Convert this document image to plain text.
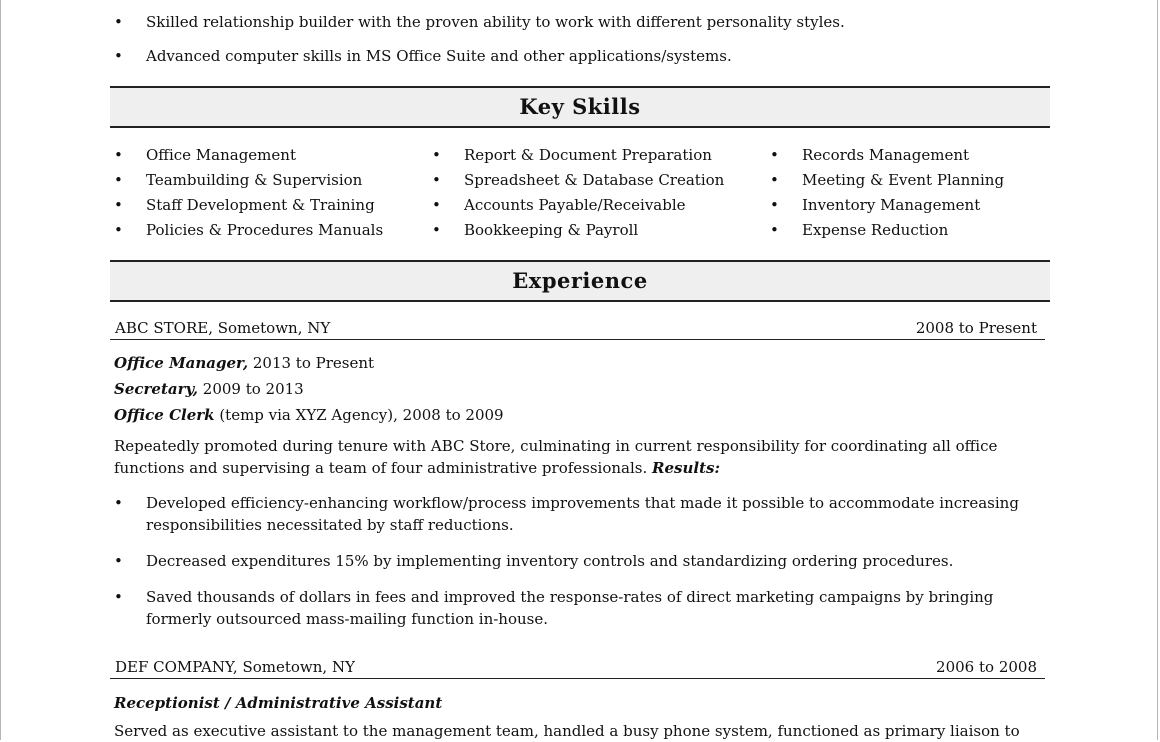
• Skilled relationship builder with the proven ability to work with different personality styles.
• Advanced computer skills in MS Office Suite and other applications/systems.
Key Skills
• Office Management
• Teambuilding & Supervision
• Staff Development & Training
• Policies & Procedures Manuals
• Report & Document Preparation
• Spreadsheet & Database Creation
• Accounts Payable/Receivable
• Bookkeeping & Payroll
• Records Management
• Meeting & Event Planning
• Inventory Management
• Expense Reduction
Experience
ABC STORE, Sometown, NY	2008 to Present
Office Manager, 2013 to Present
Secretary, 2009 to 2013
Office Clerk (temp via XYZ Agency), 2008 to 2009
Repeatedly promoted during tenure with ABC Store, culminating in current responsibility for coordinating all office functions and supervising a team of four administrative professionals. Results:
• Developed efficiency-enhancing workflow/process improvements that made it possible to accommodate increasing responsibilities necessitated by staff reductions.
• Decreased expenditures 15% by implementing inventory controls and standardizing ordering procedures.
• Saved thousands of dollars in fees and improved the response-rates of direct marketing campaigns by bringing formerly outsourced mass-mailing function in-house.
DEF COMPANY, Sometown, NY	2006 to 2008
Receptionist / Administrative Assistant
Served as executive assistant to the management team, handled a busy phone system, functioned as primary liaison to
